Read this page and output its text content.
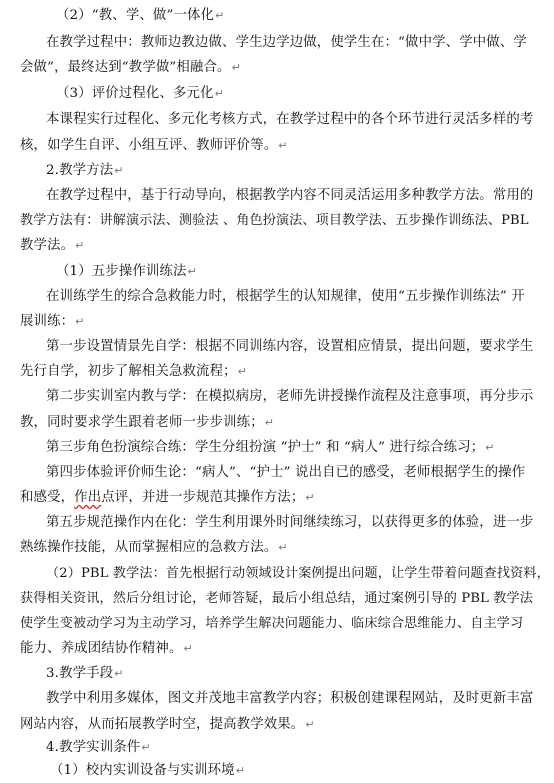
（2）“教、学、做”一体化↵
在教学过程中：教师边教边做、学生边学边做，使学生在：“做中学、学中做、学
会做”，最终达到“教学做”相融合。↵
（3）评价过程化、多元化↵
本课程实行过程化、多元化考核方式，在教学过程中的各个环节进行灵活多样的考
核，如学生自评、小组互评、教师评价等。↵
2.教学方法↵
在教学过程中，基于行动导向，根据教学内容不同灵活运用多种教学方法。常用的
教学方法有：讲解演示法、测验法 、角色扮演法、项目教学法、五步操作训练法、PBL
教学法。↵
（1）五步操作训练法↵
在训练学生的综合急救能力时，根据学生的认知规律，使用“五步操作训练法” 开
展训练：↵
第一步设置情景先自学：根据不同训练内容，设置相应情景，提出问题，要求学生
先行自学，初步了解相关急救流程；↵
第二步实训室内教与学：在模拟病房，老师先讲授操作流程及注意事项，再分步示
教，同时要求学生跟着老师一步步训练；↵
第三步角色扮演综合练：学生分组扮演 “护士” 和 “病人” 进行综合练习；↵
第四步体验评价师生论：“病人”、“护士” 说出自已的感受，老师根据学生的操作
和感受，作出点评，并进一步规范其操作方法；↵
第五步规范操作内在化：学生利用课外时间继续练习，以获得更多的体验，进一步
熟练操作技能，从而掌握相应的急救方法。↵
（2）PBL 教学法：首先根据行动领域设计案例提出问题，让学生带着问题查找资料，
获得相关资讯，然后分组讨论，老师答疑，最后小组总结，通过案例引导的 PBL 教学法
使学生变被动学习为主动学习，培养学生解决问题能力、临床综合思维能力、自主学习
能力、养成团结协作精神。↵
3.教学手段↵
教学中利用多媒体，图文并茂地丰富教学内容；积极创建课程网站，及时更新丰富
网站内容，从而拓展教学时空，提高教学效果。↵
4.教学实训条件↵
（1）校内实训设备与实训环境↵
